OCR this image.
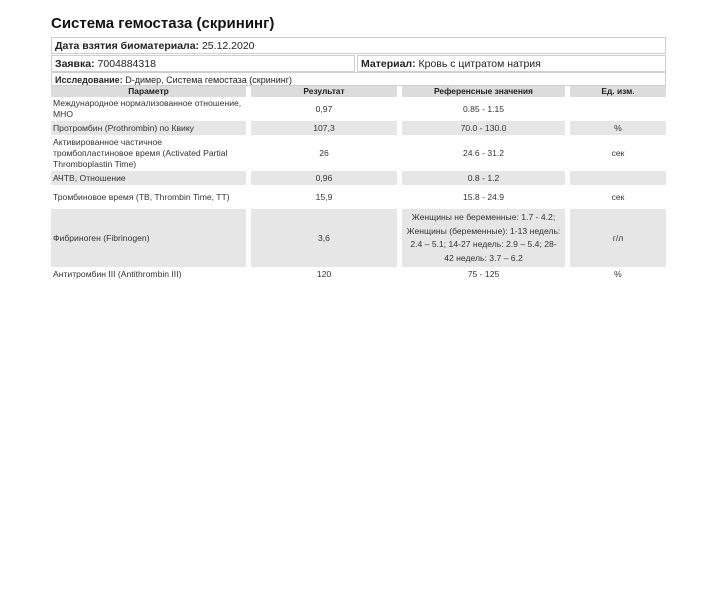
Система гемостаза (скрининг)
Дата взятия биоматериала: 25.12.2020
Заявка: 7004884318	Материал: Кровь с цитратом натрия
Исследование: D-димер, Система гемостаза (скрининг)
Параметр		Результат		Референсные значения		Ед. изм.
Международное нормализованное отношение, МНО		0,97		0.85 - 1.15		
Протромбин (Prothrombin) по Квику		107,3		70.0 - 130.0		%
Активированное частичное тромбопластиновое время (Activated Partial Thromboplastin Time)		26		24.6 - 31.2		сек
АЧТВ, Отношение		0,96		0.8 - 1.2		
Тромбиновое время (TB, Thrombin Time, TT)		15,9		15.8 - 24.9		сек
Фибриноген (Fibrinogen)		3,6		Женщины не беременные: 1.7 - 4.2; Женщины (беременные): 1-13 недель: 2.4 – 5.1; 14-27 недель: 2.9 – 5.4; 28-42 недель: 3.7 – 6.2		г/л
Антитромбин III (Antithrombin III)		120		75 - 125		%
